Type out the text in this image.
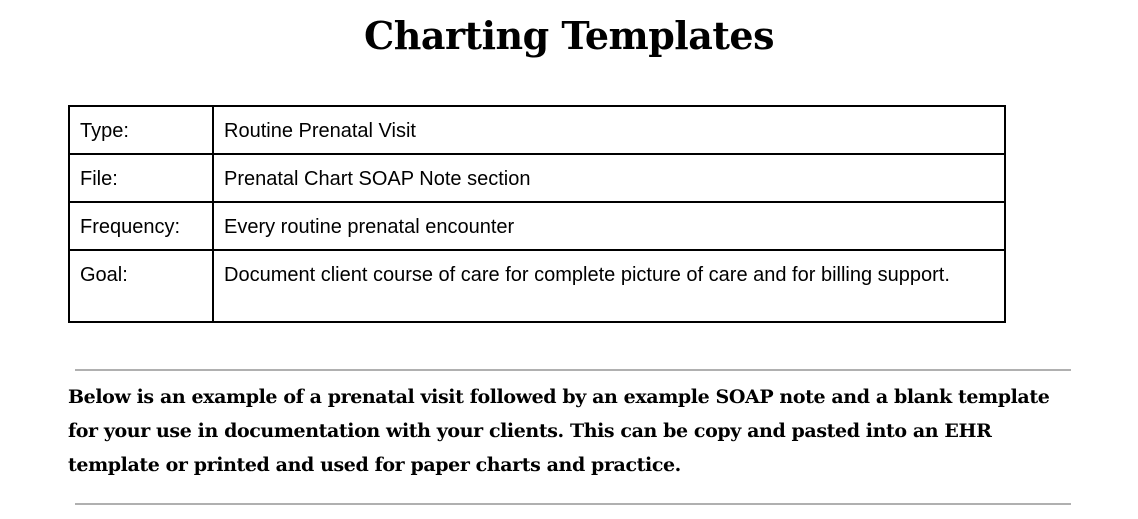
Charting Templates
Type:	Routine Prenatal Visit
File:	Prenatal Chart SOAP Note section
Frequency:	Every routine prenatal encounter
Goal:	Document client course of care for complete picture of care and for billing support.

Below is an example of a prenatal visit followed by an example SOAP note and a blank template for your use in documentation with your clients. This can be copy and pasted into an EHR template or printed and used for paper charts and practice.
